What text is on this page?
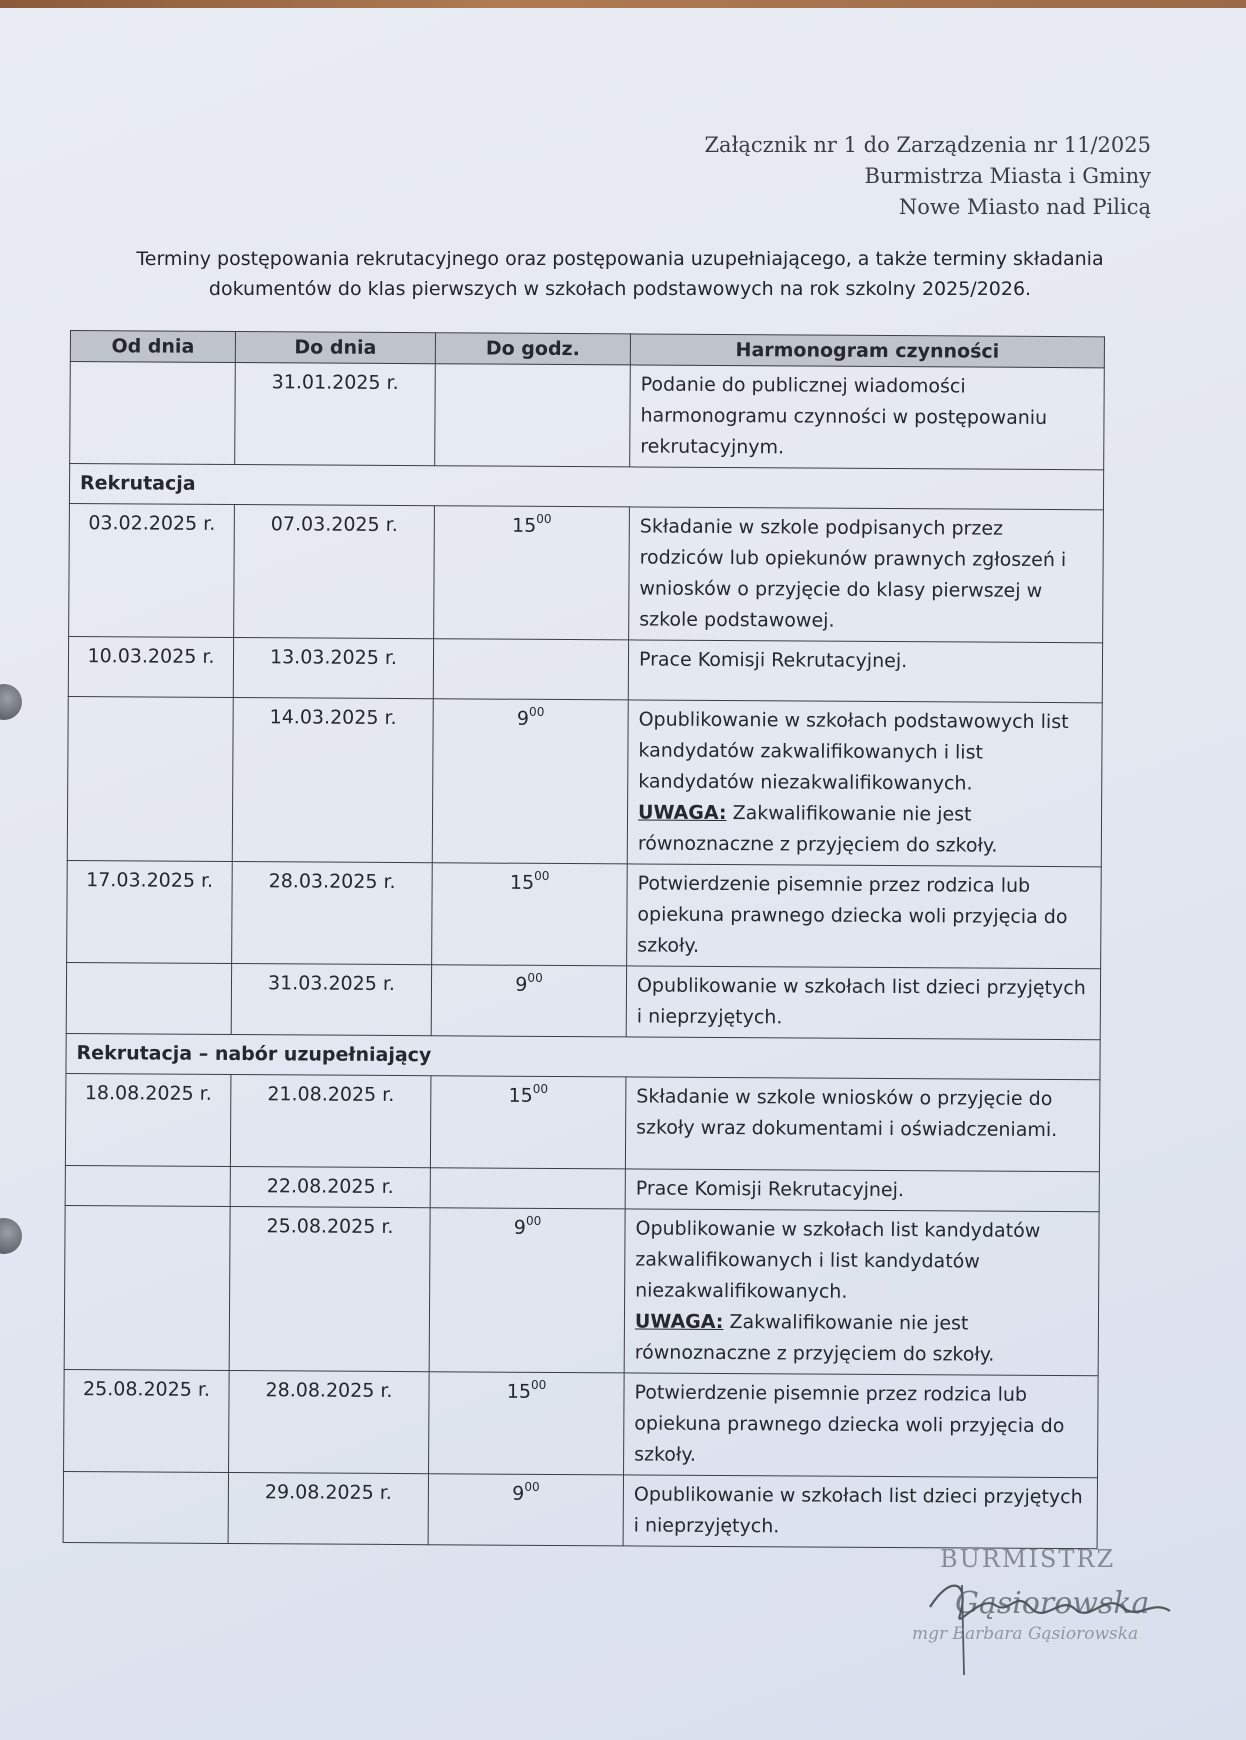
Załącznik nr 1 do Zarządzenia nr 11/2025
Burmistrza Miasta i Gminy
Nowe Miasto nad Pilicą
Terminy postępowania rekrutacyjnego oraz postępowania uzupełniającego, a także terminy składania
dokumentów do klas pierwszych w szkołach podstawowych na rok szkolny 2025/2026.
Od dnia	Do dnia	Do godz.	Harmonogram czynności
	31.01.2025 r.		Podanie do publicznej wiadomości harmonogramu czynności w postępowaniu rekrutacyjnym.
Rekrutacja			
03.02.2025 r.	07.03.2025 r.	$15^{00}$	Składanie w szkole podpisanych przez rodziców lub opiekunów prawnych zgłoszeń i wniosków o przyjęcie do klasy pierwszej w szkole podstawowej.
10.03.2025 r.	13.03.2025 r.		Prace Komisji Rekrutacyjnej.
	14.03.2025 r.	$9^{00}$	Opublikowanie w szkołach podstawowych list kandydatów zakwalifikowanych i list kandydatów niezakwalifikowanych.
UWAGA: Zakwalifikowanie nie jest równoznaczne z przyjęciem do szkoły.
17.03.2025 r.	28.03.2025 r.	$15^{00}$	Potwierdzenie pisemnie przez rodzica lub opiekuna prawnego dziecka woli przyjęcia do szkoły.
	31.03.2025 r.	$9^{00}$	Opublikowanie w szkołach list dzieci przyjętych i nieprzyjętych.
Rekrutacja – nabór uzupełniający			
18.08.2025 r.	21.08.2025 r.	$15^{00}$	Składanie w szkole wniosków o przyjęcie do szkoły wraz dokumentami i oświadczeniami.
	22.08.2025 r.		Prace Komisji Rekrutacyjnej.
	25.08.2025 r.	$9^{00}$	Opublikowanie w szkołach list kandydatów zakwalifikowanych i list kandydatów niezakwalifikowanych.
UWAGA: Zakwalifikowanie nie jest równoznaczne z przyjęciem do szkoły.
25.08.2025 r.	28.08.2025 r.	$15^{00}$	Potwierdzenie pisemnie przez rodzica lub opiekuna prawnego dziecka woli przyjęcia do szkoły.
	29.08.2025 r.	$9^{00}$	Opublikowanie w szkołach list dzieci przyjętych i nieprzyjętych.
BURMISTRZ
Gąsiorowska
mgr Barbara Gąsiorowska
